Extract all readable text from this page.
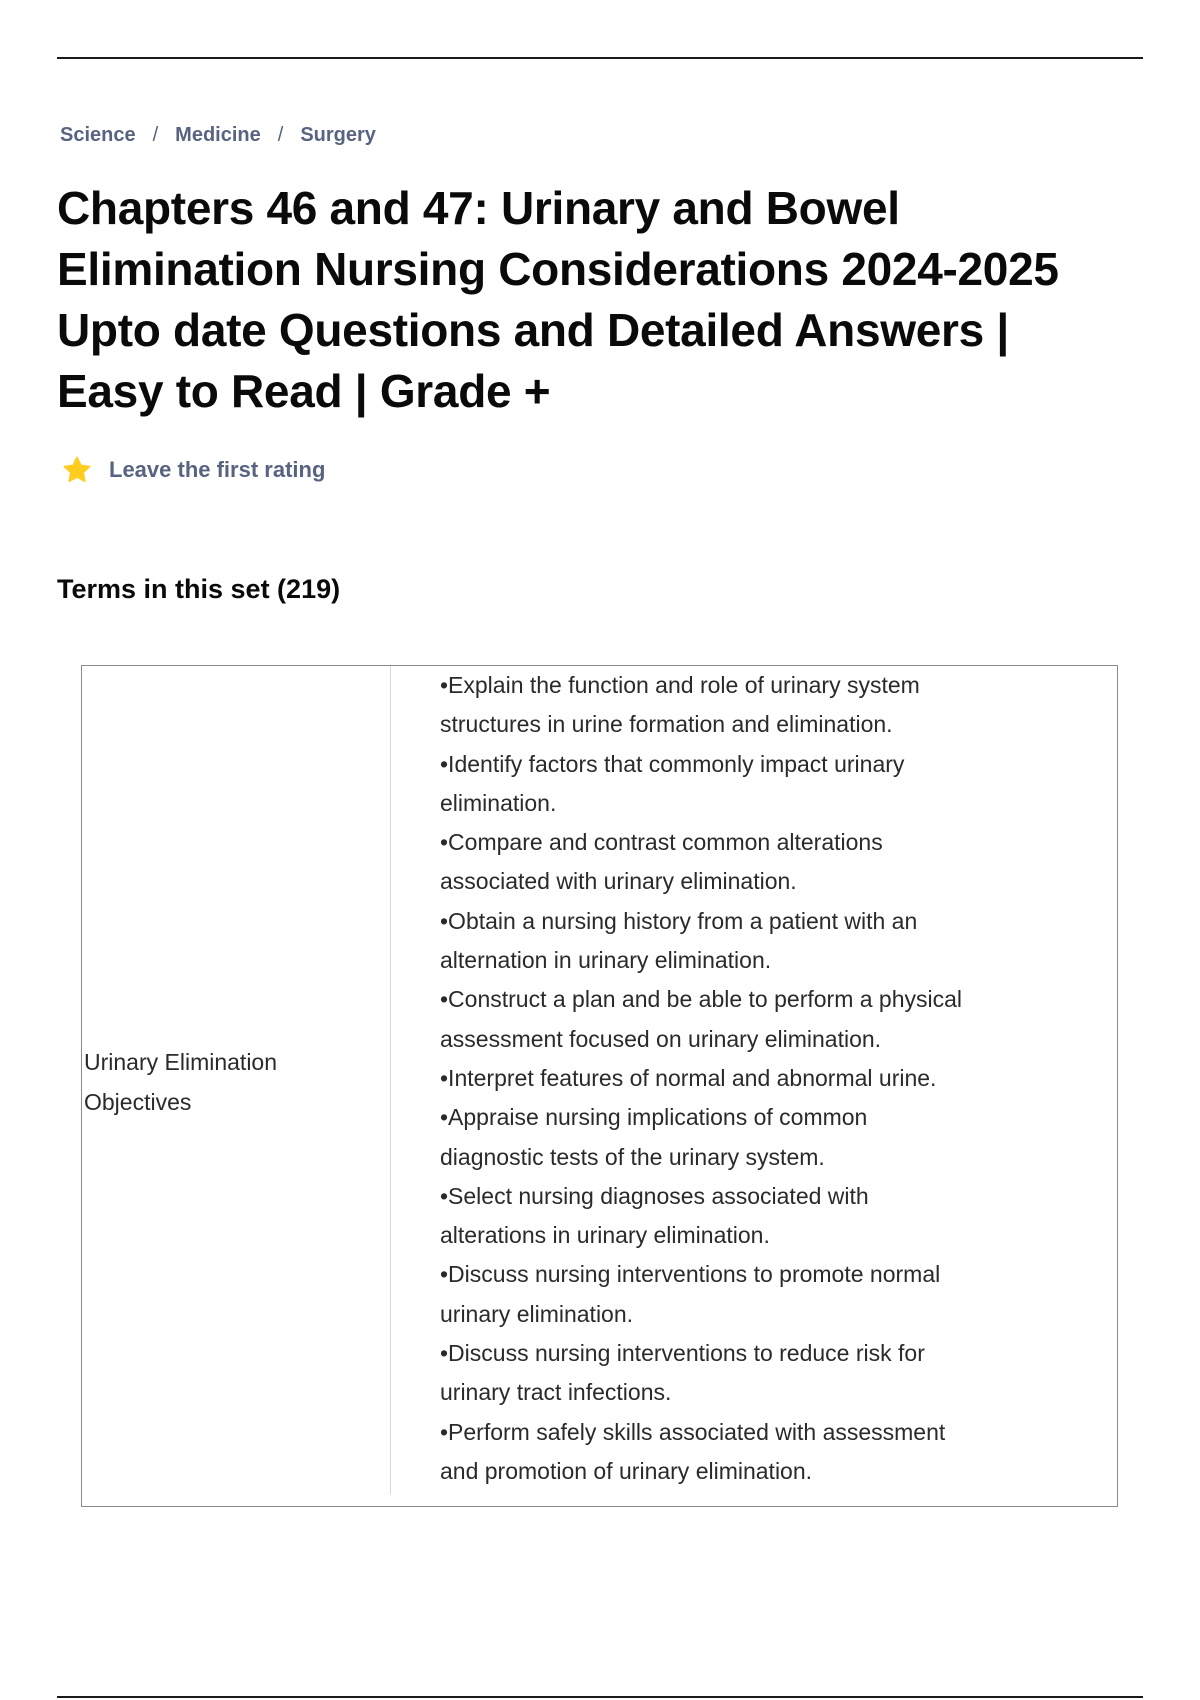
Science / Medicine / Surgery
Chapters 46 and 47: Urinary and Bowel
Elimination Nursing Considerations 2024-2025
Upto date Questions and Detailed Answers |
Easy to Read | Grade +
Leave the first rating
Terms in this set (219)
Urinary Elimination
Objectives
•Explain the function and role of urinary system
structures in urine formation and elimination.
•Identify factors that commonly impact urinary
elimination.
•Compare and contrast common alterations
associated with urinary elimination.
•Obtain a nursing history from a patient with an
alternation in urinary elimination.
•Construct a plan and be able to perform a physical
assessment focused on urinary elimination.
•Interpret features of normal and abnormal urine.
•Appraise nursing implications of common
diagnostic tests of the urinary system.
•Select nursing diagnoses associated with
alterations in urinary elimination.
•Discuss nursing interventions to promote normal
urinary elimination.
•Discuss nursing interventions to reduce risk for
urinary tract infections.
•Perform safely skills associated with assessment
and promotion of urinary elimination.
